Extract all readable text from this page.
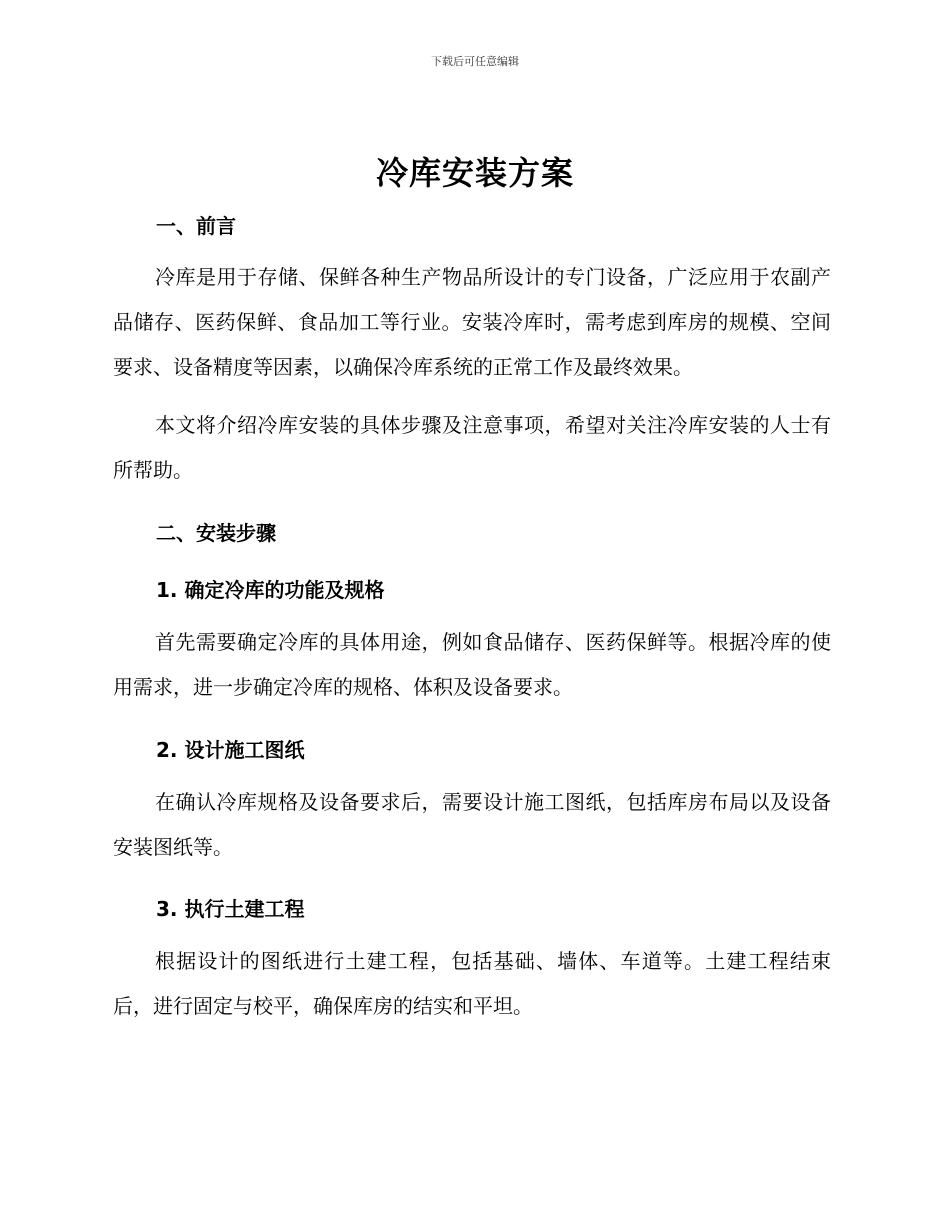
下载后可任意编辑
冷库安装方案
一、前言
冷库是用于存储、保鲜各种生产物品所设计的专门设备，广泛应用于农副产品储存、医药保鲜、食品加工等行业。安装冷库时，需考虑到库房的规模、空间要求、设备精度等因素，以确保冷库系统的正常工作及最终效果。
本文将介绍冷库安装的具体步骤及注意事项，希望对关注冷库安装的人士有所帮助。
二、安装步骤
1. 确定冷库的功能及规格
首先需要确定冷库的具体用途，例如食品储存、医药保鲜等。根据冷库的使用需求，进一步确定冷库的规格、体积及设备要求。
2. 设计施工图纸
在确认冷库规格及设备要求后，需要设计施工图纸，包括库房布局以及设备安装图纸等。
3. 执行土建工程
根据设计的图纸进行土建工程，包括基础、墙体、车道等。土建工程结束后，进行固定与校平，确保库房的结实和平坦。
